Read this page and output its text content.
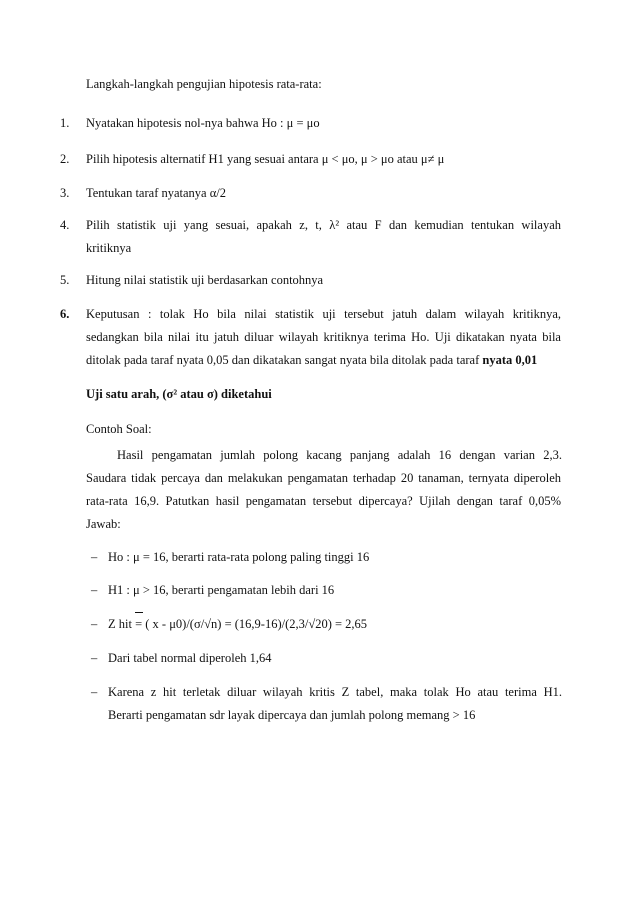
Langkah-langkah pengujian hipotesis rata-rata:
1. Nyatakan hipotesis nol-nya bahwa Ho : μ = μo
2. Pilih hipotesis alternatif H1 yang sesuai antara μ < μo, μ > μo atau μ≠ μ
3. Tentukan taraf nyatanya α/2
4. Pilih statistik uji yang sesuai, apakah z, t, λ² atau F dan kemudian tentukan wilayah
kritiknya
5. Hitung nilai statistik uji berdasarkan contohnya
6. Keputusan : tolak Ho bila nilai statistik uji tersebut jatuh dalam wilayah kritiknya,
sedangkan bila nilai itu jatuh diluar wilayah kritiknya terima Ho. Uji dikatakan nyata bila
ditolak pada taraf nyata 0,05 dan dikatakan sangat nyata bila ditolak pada taraf nyata 0,01
Uji satu arah, (σ² atau σ) diketahui
Contoh Soal:
Hasil pengamatan jumlah polong kacang panjang adalah 16 dengan varian 2,3.
Saudara tidak percaya dan melakukan pengamatan terhadap 20 tanaman, ternyata diperoleh
rata-rata 16,9. Patutkan hasil pengamatan tersebut dipercaya? Ujilah dengan taraf 0,05%
Jawab:
– Ho : μ = 16, berarti rata-rata polong paling tinggi 16
– H1 : μ > 16, berarti pengamatan lebih dari 16
– Z hit = ( x - μ0)/(σ/√n) = (16,9-16)/(2,3/√20) = 2,65
– Dari tabel normal diperoleh 1,64
– Karena z hit terletak diluar wilayah kritis Z tabel, maka tolak Ho atau terima H1.
Berarti pengamatan sdr layak dipercaya dan jumlah polong memang > 16
